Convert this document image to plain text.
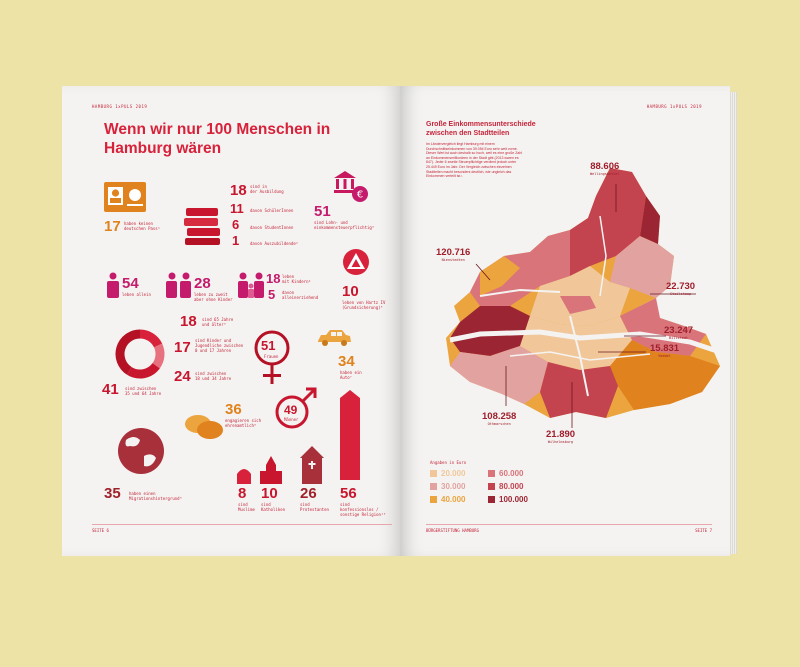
HAMBURG 1xPULS 2019
Wenn wir nur 100 Menschen in Hamburg wären
17 haben keinen
deutschen Pass¹
18 sind in
der Ausbildung
11 davon SchülerInnen
6	davon StudentInnen
1	davon Auszubildende²
€
51
sind Lohn- und
einkommensteuerpflichtig³
54
leben allein
28
leben zu zweit
aber ohne Kinder
18 leben
mit Kindern⁴
5 davon
alleinerziehend 10
leben von Hartz IV
(Grundsicherung)⁵
18 sind 65 Jahre
und älter⁶
17 sind Kinder und
Jugendliche zwischen
0 und 17 Jahren
24 sind zwischen
18 und 34 Jahre
41 sind zwischen
35 und 64 Jahre
51
Frauen
49
Männer
34
haben ein
Auto⁷
36
engagieren sich
ehrenamtlich⁸
35 haben einen
Migrationshintergrund⁹	8
sind
Muslime
10
sind
Katholiken
26
sind
Protestanten
56
sind
konfessionslos /
sonstige Religion¹⁰
SEITE 6
HAMBURG 1xPULS 2019
Große Einkommensunterschiede
zwischen den Stadtteilen
Im Ländervergleich liegt Hamburg mit einem Durchschnittseinkommen von 39.054 Euro sehr weit vorne. Dieser Wert ist auch deshalb so hoch, weil es eine große Zahl an Einkommensmillionären in der Stadt gibt (2013 waren es 847). Jeder 6 zweite Steuerpflichtige verdient jedoch unter 25.449 Euro im Jahr. Der Vergleich zwischen einzelnen Stadtteilen macht besonders deutlich, wie ungleich das Einkommen verteilt ist.¹
88.606
Wellingsbüttel
120.716
Nienstedten
22.730
Steilshoop
23.247
Billstedt
15.831
Veddel
108.258
Othmarschen
21.890
Wilhelmsburg
Angaben in Euro
20.000
30.000
40.000
60.000
80.000
100.000
BÜRGERSTIFTUNG HAMBURG	SEITE 7
